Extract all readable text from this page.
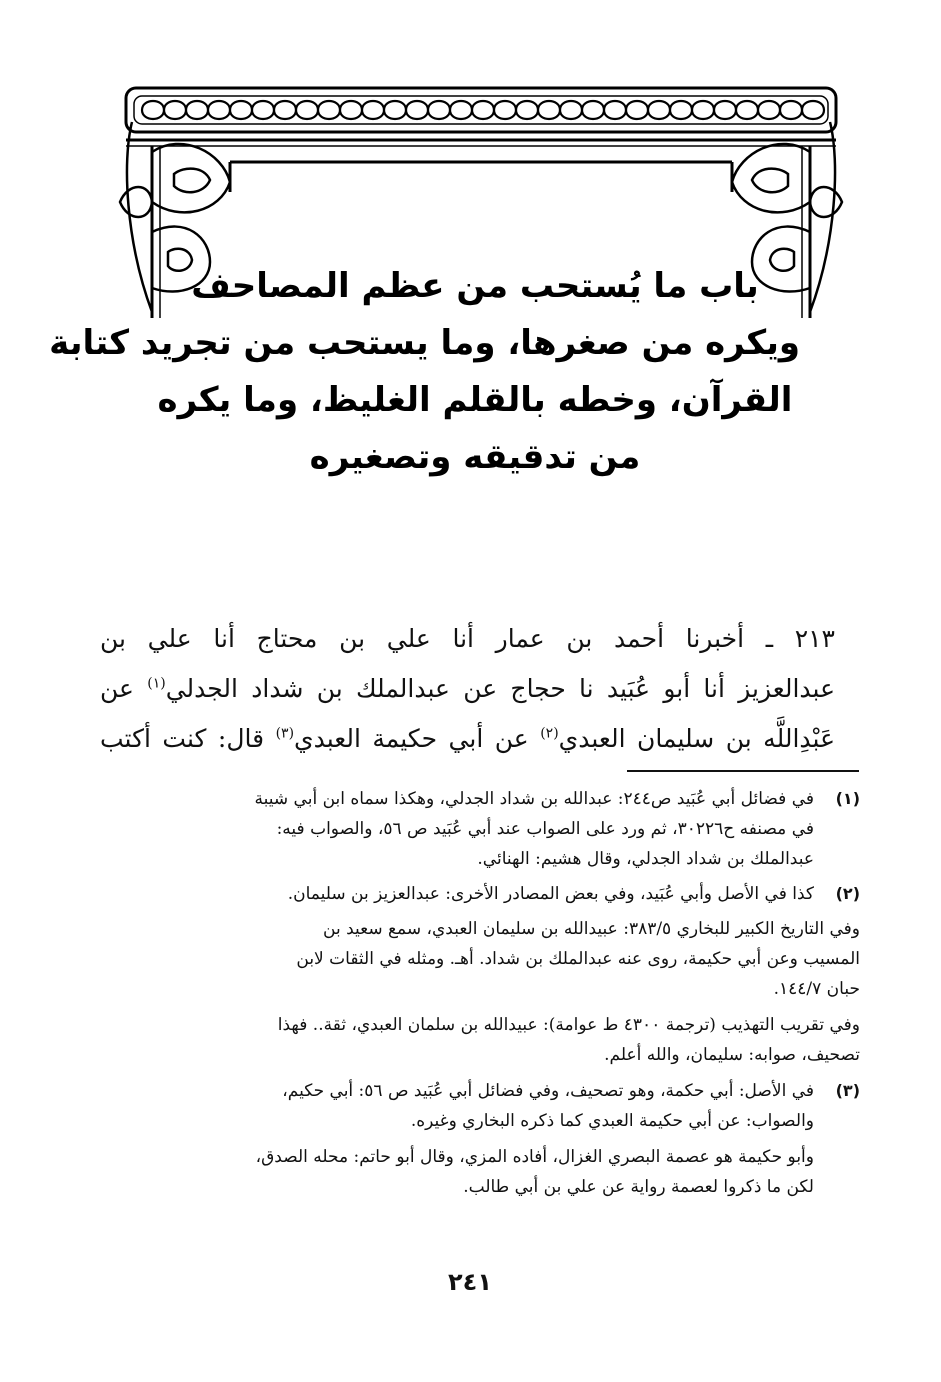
باب ما يُستحب من عظم المصاحف
ويكره من صغرها، وما يستحب من تجريد كتابة
القرآن، وخطه بالقلم الغليظ، وما يكره
من تدقيقه وتصغيره
٢١٣ ـ أخبرنا أحمد بن عمار أنا علي بن محتاج أنا علي بن
عبدالعزيز أنا أبو عُبَيد نا حجاج عن عبدالملك بن شداد الجدلي$^{(١)}$ عن
عَبْدِاللَّه بن سليمان العبدي$^{(٢)}$ عن أبي حكيمة العبدي$^{(٣)}$ قال: كنت أكتب
(١)
في فضائل أبي عُبَيد ص٢٤٤: عبدالله بن شداد الجدلي، وهكذا سماه ابن أبي شيبة
في مصنفه ح٣٠٢٢٦، ثم ورد على الصواب عند أبي عُبَيد ص ٥٦، والصواب فيه:
عبدالملك بن شداد الجدلي، وقال هشيم: الهنائي.
(٢)
كذا في الأصل وأبي عُبَيد، وفي بعض المصادر الأخرى: عبدالعزيز بن سليمان.
وفي التاريخ الكبير للبخاري ٣٨٣/٥: عبيدالله بن سليمان العبدي، سمع سعيد بن
المسيب وعن أبي حكيمة، روى عنه عبدالملك بن شداد. أهـ. ومثله في الثقات لابن
حبان ١٤٤/٧.
وفي تقريب التهذيب (ترجمة ٤٣٠٠ ط عوامة): عبيدالله بن سلمان العبدي، ثقة.. فهذا
تصحيف، صوابه: سليمان، والله أعلم.
(٣)
في الأصل: أبي حكمة، وهو تصحيف، وفي فضائل أبي عُبَيد ص ٥٦: أبي حكيم،
والصواب: عن أبي حكيمة العبدي كما ذكره البخاري وغيره.
وأبو حكيمة هو عصمة البصري الغزال، أفاده المزي، وقال أبو حاتم: محله الصدق،
لكن ما ذكروا لعصمة رواية عن علي بن أبي طالب.
٢٤١
